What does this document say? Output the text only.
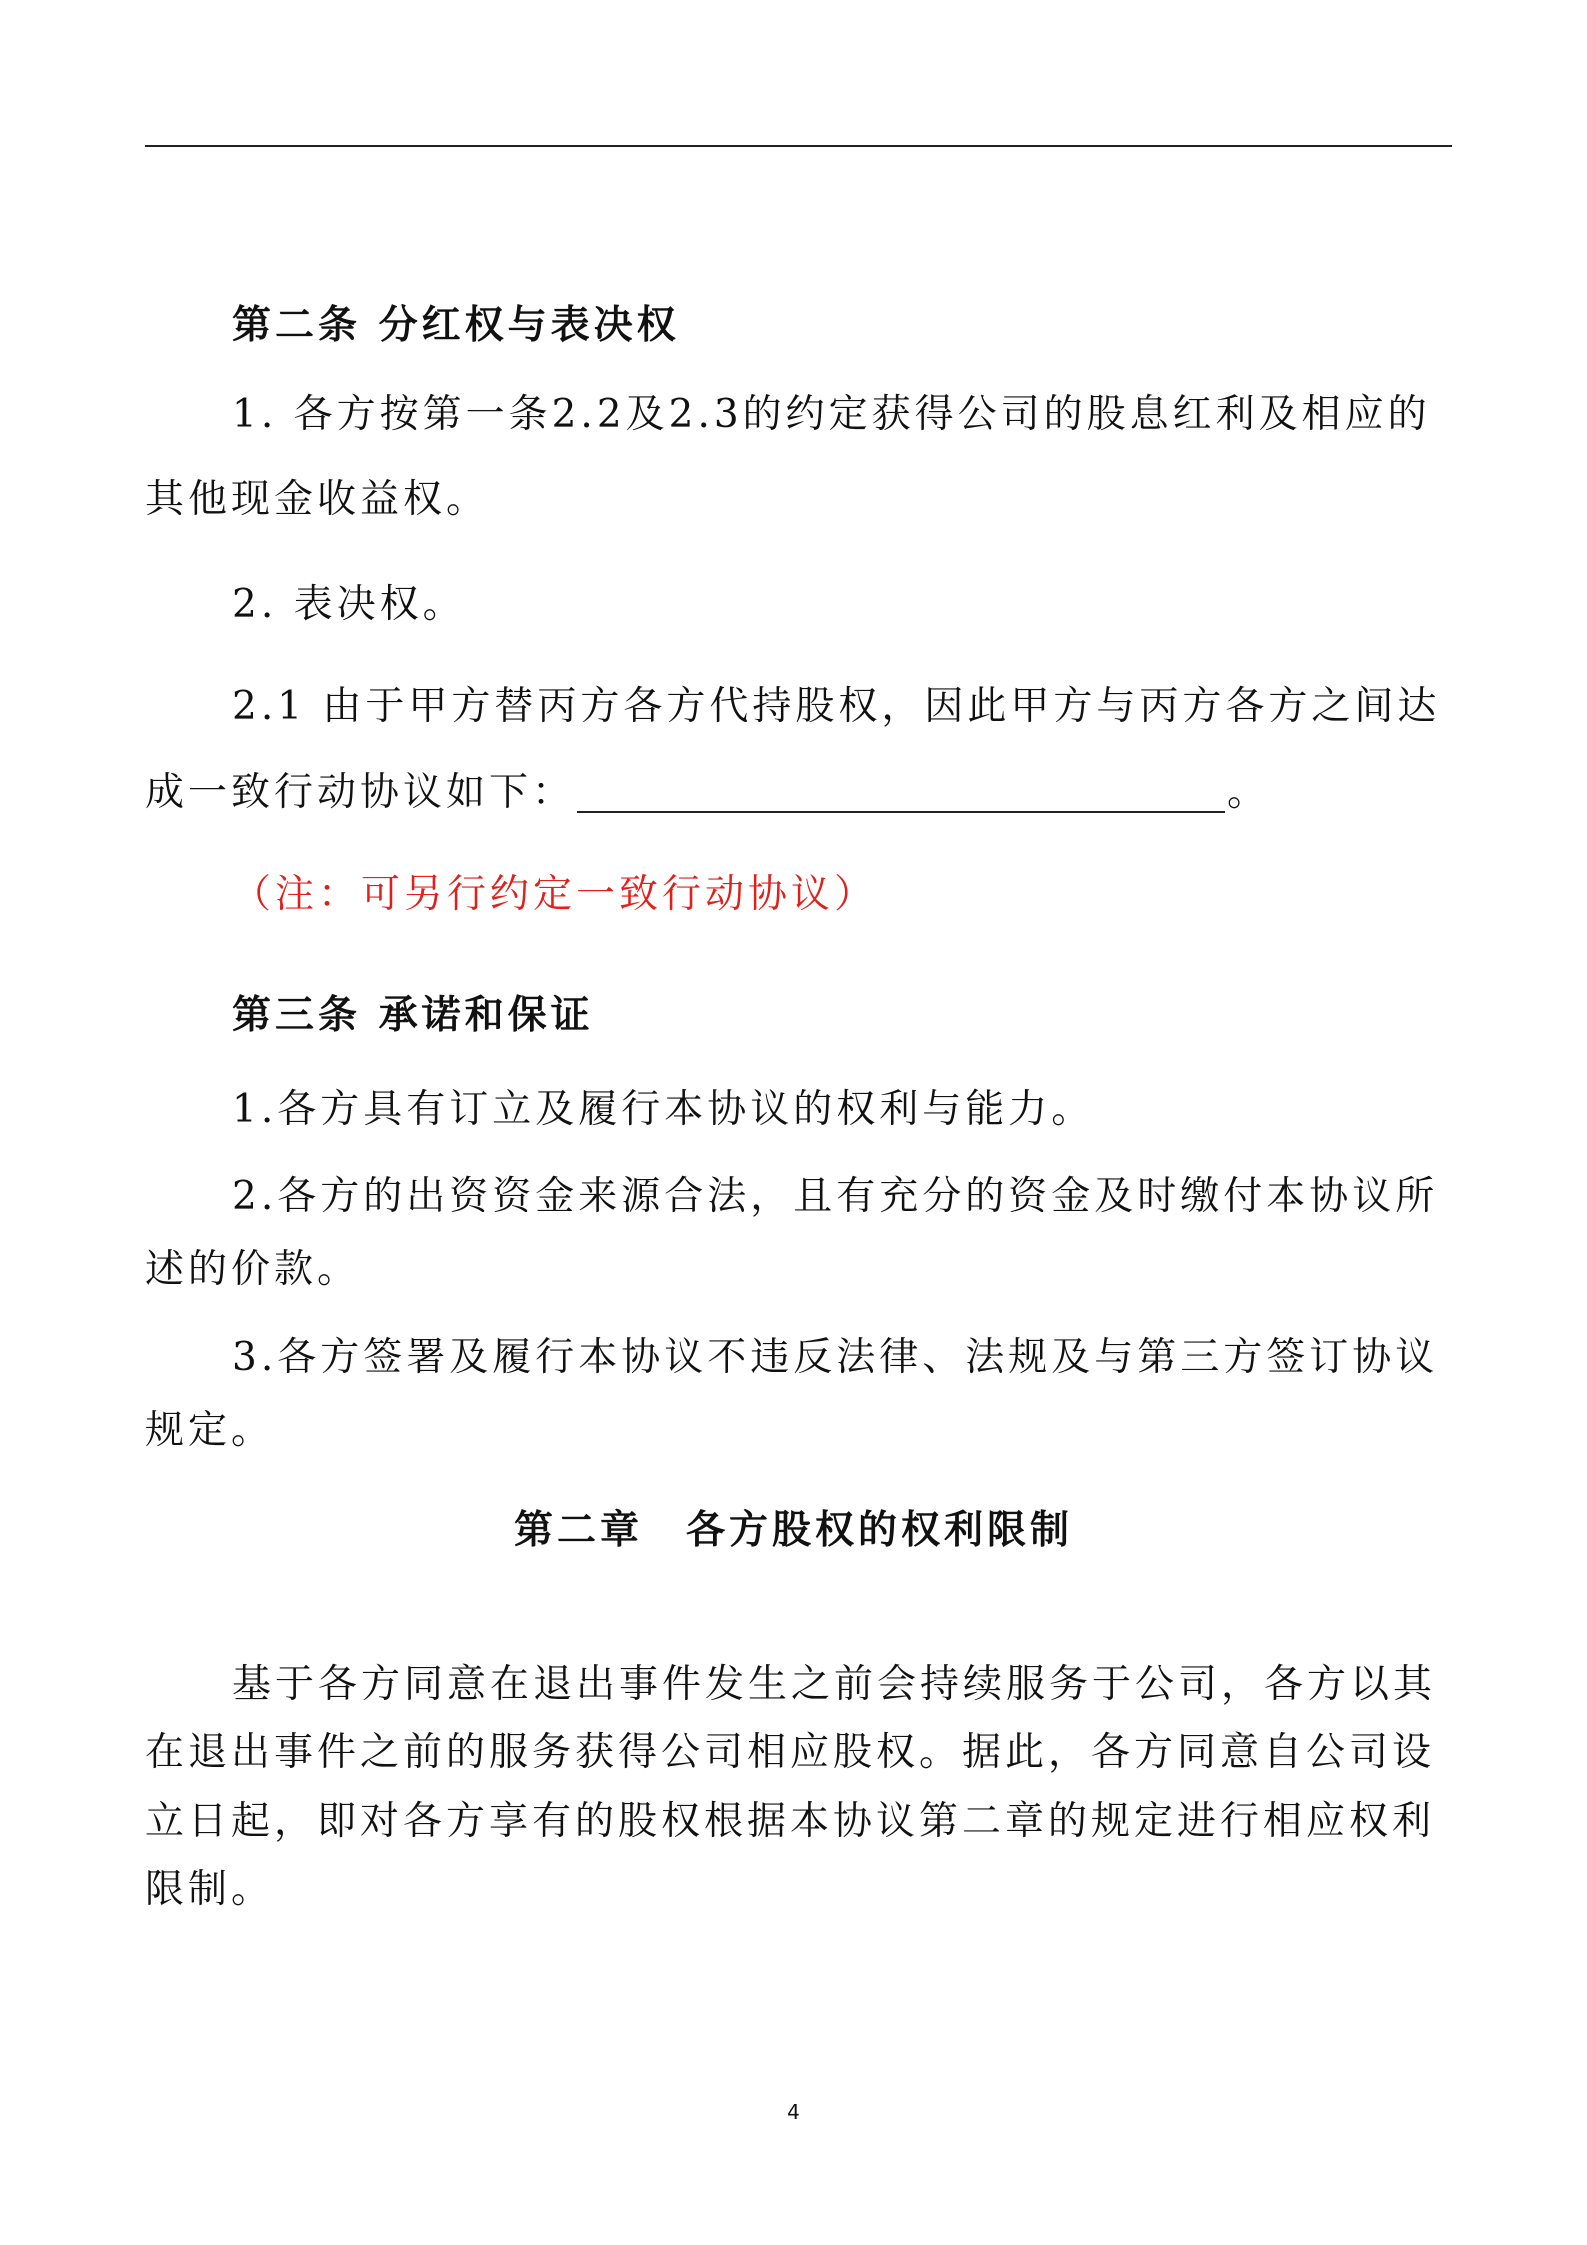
第二条 分红权与表决权
1. 各方按第一条2.2及2.3的约定获得公司的股息红利及相应的
其他现金收益权。
2. 表决权。
2.1 由于甲方替丙方各方代持股权，因此甲方与丙方各方之间达
成一致行动协议如下：	。
（注：可另行约定一致行动协议）
第三条 承诺和保证
1.各方具有订立及履行本协议的权利与能力。
2.各方的出资资金来源合法，且有充分的资金及时缴付本协议所
述的价款。
3.各方签署及履行本协议不违反法律、法规及与第三方签订协议
规定。
第二章　各方股权的权利限制
基于各方同意在退出事件发生之前会持续服务于公司，各方以其
在退出事件之前的服务获得公司相应股权。据此，各方同意自公司设
立日起，即对各方享有的股权根据本协议第二章的规定进行相应权利
限制。
4
